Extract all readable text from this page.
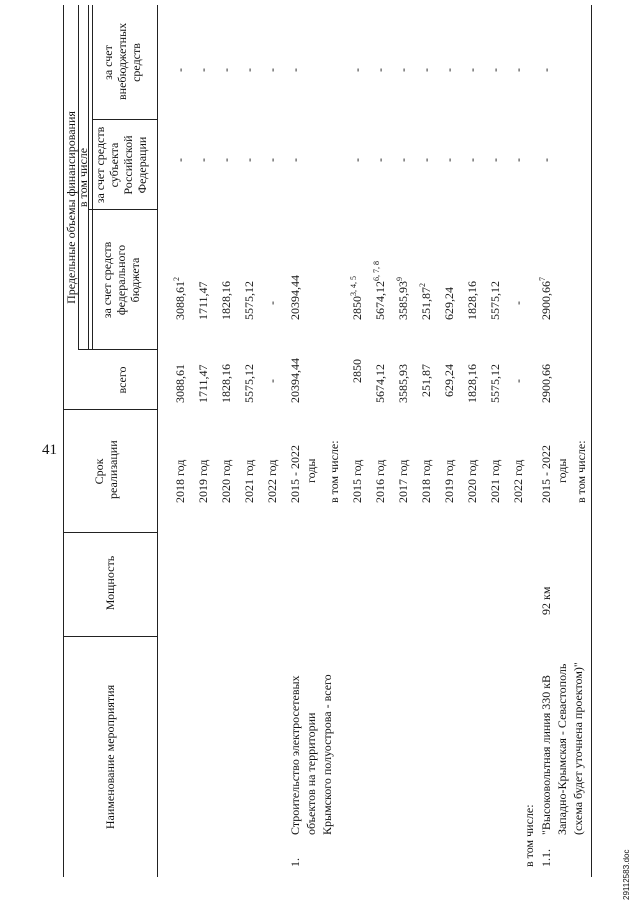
41
Наименование мероприятия
Мощность
Срок реализации
Предельные объемы финансирования
всего
в том числе
за счет средств федерального бюджета
за счет средств субъекта Российской Федерации
за счет внебюджетных средств
2018 год
3088,61
3088,61$^2$
-
-
2019 год
1711,47
1711,47
-
-
2020 год
1828,16
1828,16
-
-
2021 год
5575,12
5575,12
-
-
2022 год
-
-
-
-
1.
Строительство электросетевых объектов на территории Крымского полуострова - всего
2015 - 2022 годы
20394,44
20394,44
-
-
в том числе: 2015 год
2850
2850$^{3, 4, 5}$
-
-
2016 год
5674,12
5674,12$^{6, 7, 8}$
-
-
2017 год
3585,93
3585,93$^9$
-
-
2018 год
251,87
251,87$^2$
-
-
2019 год
629,24
629,24
-
-
2020 год
1828,16
1828,16
-
-
2021 год
5575,12
5575,12
-
-
2022 год
-
-
-
-
в том числе: 1.1.
"Высоковольтная линия 330 кВ Западно-Крымская - Севастополь (схема будет уточнена проектом)"
92 км
2015 - 2022 годы
2900,66
2900,66$^7$
-
-
в том числе:
2911258З.doc
